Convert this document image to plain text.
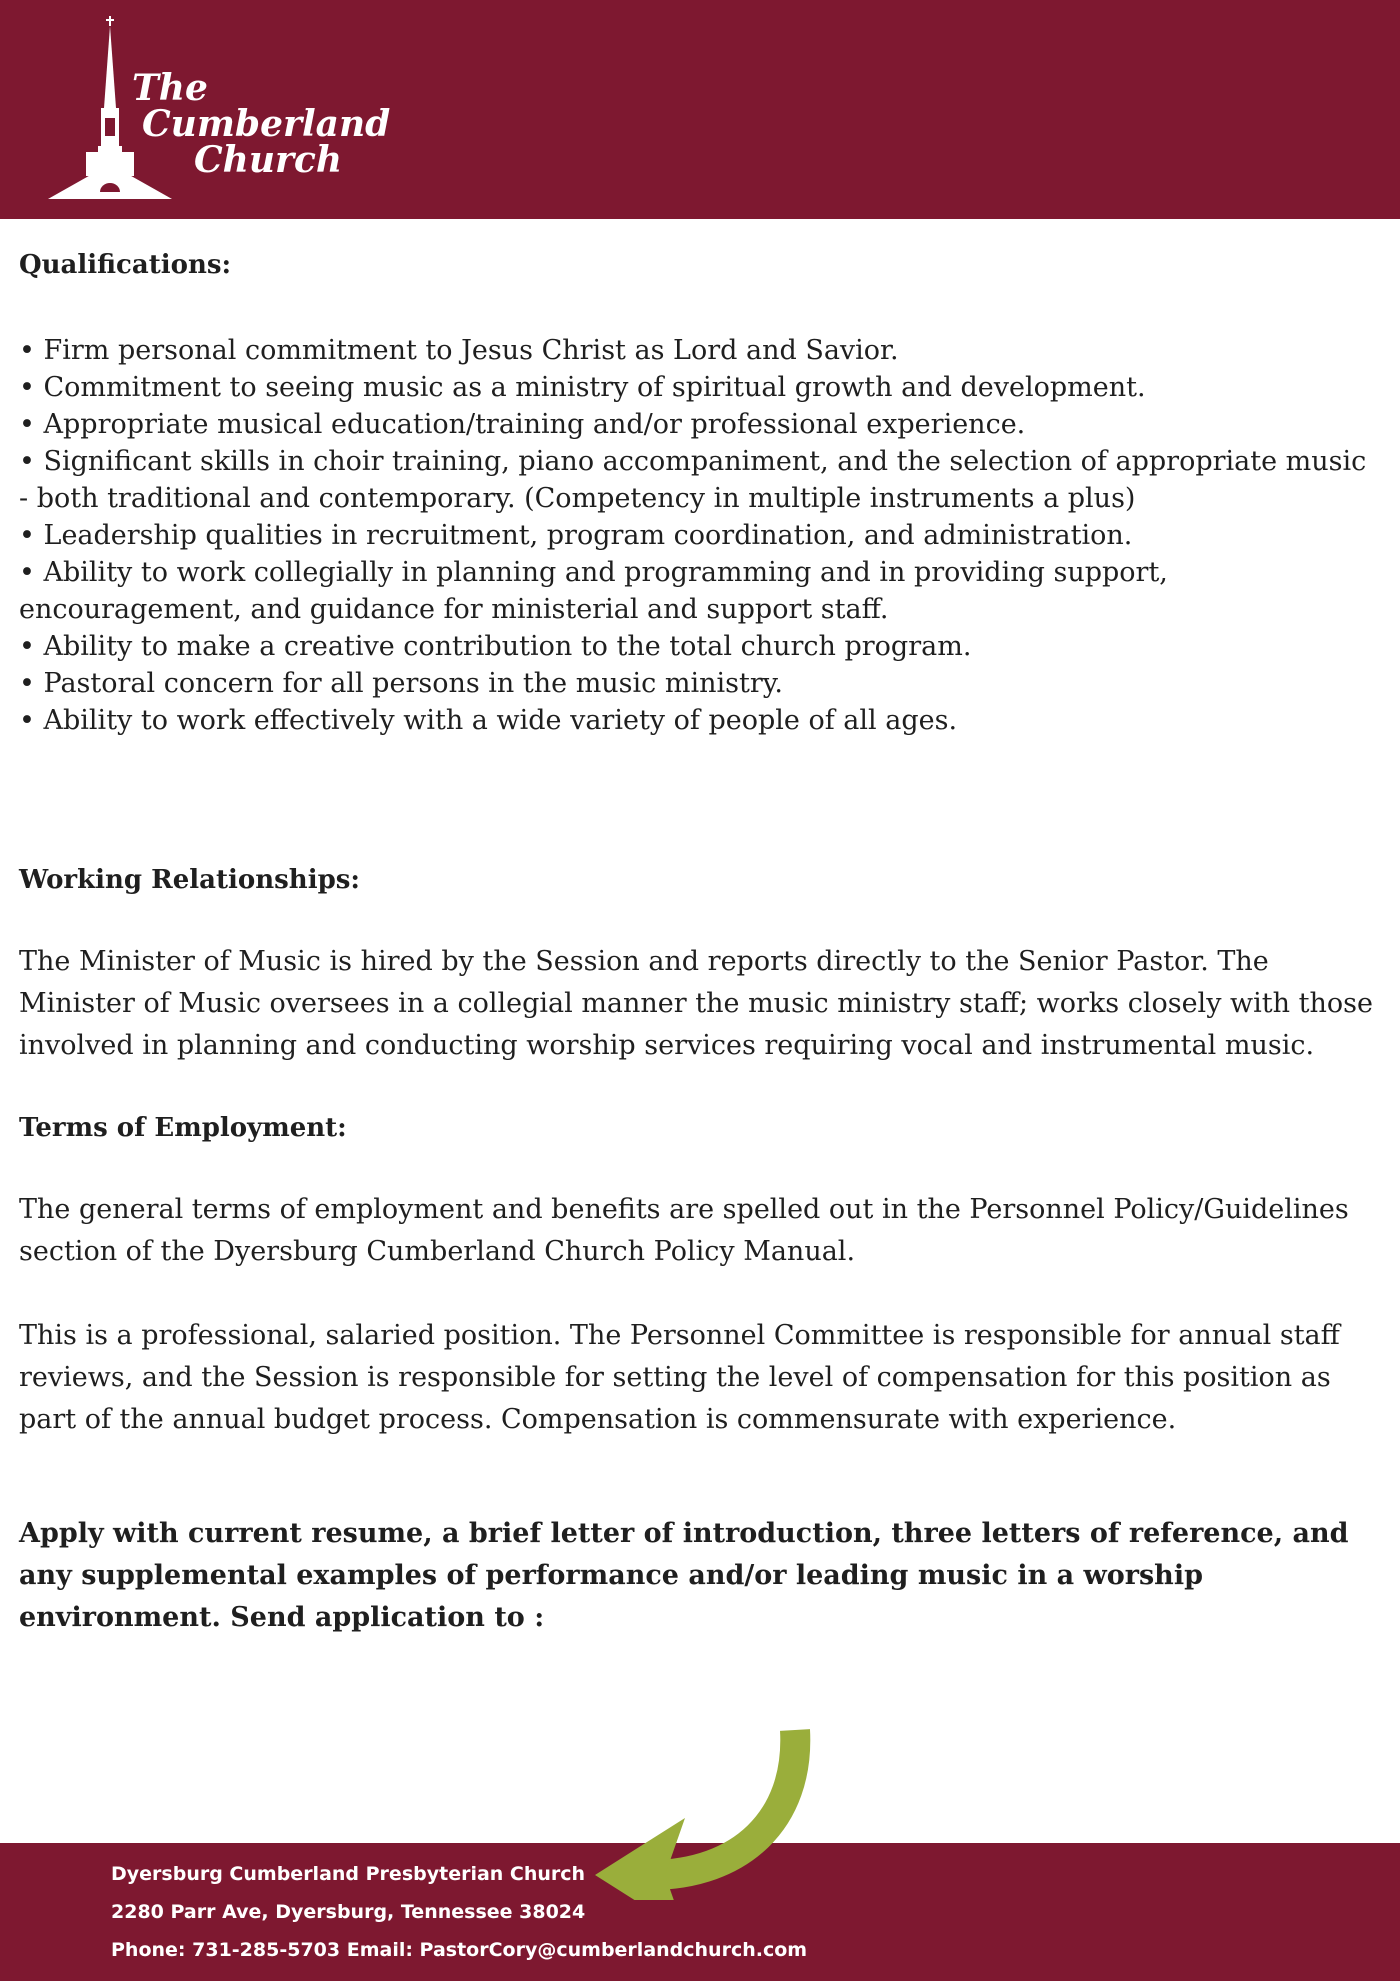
The
Cumberland
Church
Qualifications:
• Firm personal commitment to Jesus Christ as Lord and Savior.
• Commitment to seeing music as a ministry of spiritual growth and development.
• Appropriate musical education/training and/or professional experience.
• Significant skills in choir training, piano accompaniment, and the selection of appropriate music - both traditional and contemporary. (Competency in multiple instruments a plus)
• Leadership qualities in recruitment, program coordination, and administration.
• Ability to work collegially in planning and programming and in providing support, encouragement, and guidance for ministerial and support staff.
• Ability to make a creative contribution to the total church program.
• Pastoral concern for all persons in the music ministry.
• Ability to work effectively with a wide variety of people of all ages.
Working Relationships:

The Minister of Music is hired by the Session and reports directly to the Senior Pastor. The Minister of Music oversees in a collegial manner the music ministry staff; works closely with those involved in planning and conducting worship services requiring vocal and instrumental music.

Terms of Employment:

The general terms of employment and benefits are spelled out in the Personnel Policy/Guidelines section of the Dyersburg Cumberland Church Policy Manual.

This is a professional, salaried position. The Personnel Committee is responsible for annual staff reviews, and the Session is responsible for setting the level of compensation for this position as part of the annual budget process. Compensation is commensurate with experience.

Apply with current resume, a brief letter of introduction, three letters of reference, and any supplemental examples of performance and/or leading music in a worship environment. Send application to :

Dyersburg Cumberland Presbyterian Church
2280 Parr Ave, Dyersburg, Tennessee 38024
Phone: 731-285-5703 Email: PastorCory@cumberlandchurch.com
